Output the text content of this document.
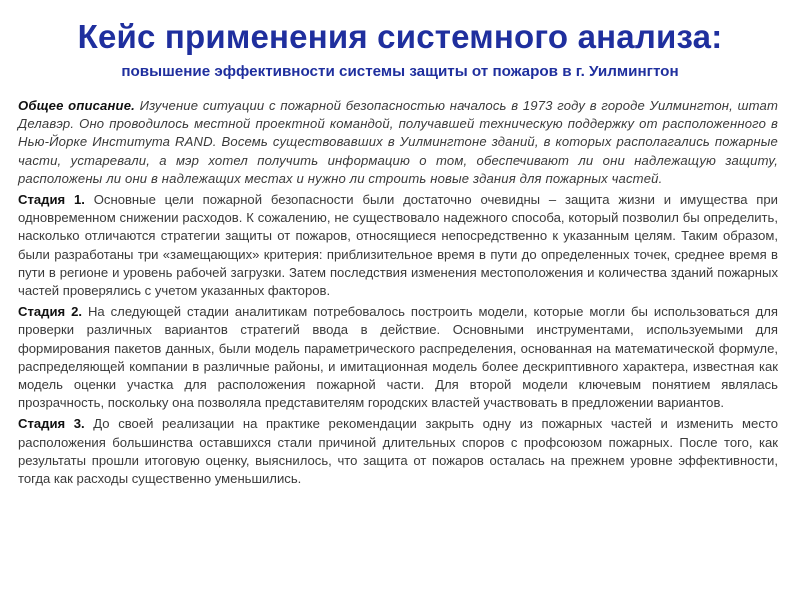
Кейс применения системного анализа:
повышение эффективности системы защиты от пожаров в г. Уилмингтон

Общее описание. Изучение ситуации с пожарной безопасностью началось в 1973 году в городе Уилмингтон, штат Делавэр. Оно проводилось местной проектной командой, получавшей техническую поддержку от расположенного в Нью-Йорке Института RAND. Восемь существовавших в Уилмингтоне зданий, в которых располагались пожарные части, устаревали, а мэр хотел получить информацию о том, обеспечивают ли они надлежащую защиту, расположены ли они в надлежащих местах и нужно ли строить новые здания для пожарных частей.

Стадия 1. Основные цели пожарной безопасности были достаточно очевидны – защита жизни и имущества при одновременном снижении расходов. К сожалению, не существовало надежного способа, который позволил бы определить, насколько отличаются стратегии защиты от пожаров, относящиеся непосредственно к указанным целям. Таким образом, были разработаны три «замещающих» критерия: приблизительное время в пути до определенных точек, среднее время в пути в регионе и уровень рабочей загрузки. Затем последствия изменения местоположения и количества зданий пожарных частей проверялись с учетом указанных факторов.

Стадия 2. На следующей стадии аналитикам потребовалось построить модели, которые могли бы использоваться для проверки различных вариантов стратегий ввода в действие. Основными инструментами, используемыми для формирования пакетов данных, были модель параметрического распределения, основанная на математической формуле, распределяющей компании в различные районы, и имитационная модель более дескриптивного характера, известная как модель оценки участка для расположения пожарной части. Для второй модели ключевым понятием являлась прозрачность, поскольку она позволяла представителям городских властей участвовать в предложении вариантов.

Стадия 3. До своей реализации на практике рекомендации закрыть одну из пожарных частей и изменить место расположения большинства оставшихся стали причиной длительных споров с профсоюзом пожарных. После того, как результаты прошли итоговую оценку, выяснилось, что защита от пожаров осталась на прежнем уровне эффективности, тогда как расходы существенно уменьшились.
